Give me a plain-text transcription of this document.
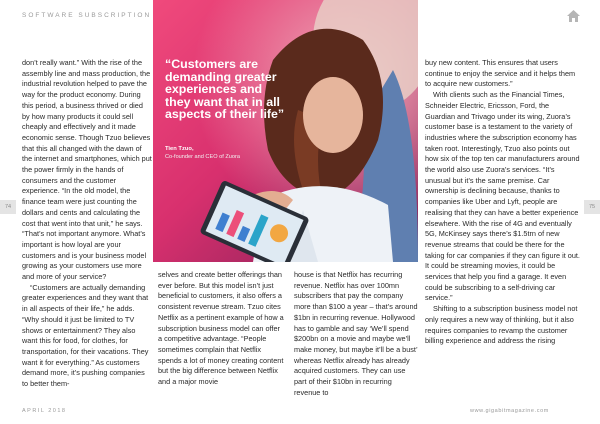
SOFTWARE SUBSCRIPTION
74	75

don’t really want.” With the rise of the assembly line and mass production, the industrial revolution helped to pave the way for the product economy. During this period, a business thrived or died by how many products it could sell cheaply and effectively and it made economic sense. Though Tzuo believes that this all changed with the dawn of the internet and smartphones, which put the power firmly in the hands of consumers and the customer experience. “In the old model, the finance team were just counting the dollars and cents and calculating the cost that went into that unit,” he says. “That’s not important anymore. What’s important is how loyal are your customers and is your business model growing as your customers use more and more of your service?

“Customers are actually demanding greater experiences and they want that in all aspects of their life,” he adds. “Why should it just be limited to TV shows or entertainment? They also want this for food, for clothes, for transportation, for their vacations. They want it for everything.” As customers demand more, it’s pushing companies to better them-

“Customers are demanding greater experiences and they want that in all aspects of their life”
Tien Tzuo,
Co-founder and CEO of Zuora

selves and create better offerings than ever before. But this model isn’t just beneficial to customers, it also offers a consistent revenue stream. Tzuo cites Netflix as a pertinent example of how a subscription business model can offer a competitive advantage. “People sometimes complain that Netflix spends a lot of money creating content but the big difference between Netflix and a major movie

house is that Netflix has recurring revenue. Netflix has over 100mn subscribers that pay the company more than $100 a year – that’s around $1bn in recurring revenue. Hollywood has to gamble and say ‘We’ll spend $200bn on a movie and maybe we’ll make money, but maybe it’ll be a bust’ whereas Netflix already has already acquired customers. They can use part of their $10bn in recurring revenue to

buy new content. This ensures that users continue to enjoy the service and it helps them to acquire new customers.”

With clients such as the Financial Times, Schneider Electric, Ericsson, Ford, the Guardian and Trivago under its wing, Zuora’s customer base is a testament to the variety of industries where the subscription economy has taken root. Interestingly, Tzuo also points out how six of the top ten car manufacturers around the world also use Zuora’s services. “It’s unusual but it’s the same premise. Car ownership is declining because, thanks to companies like Uber and Lyft, people are realising that they can have a better experience elsewhere. With the rise of 4G and eventually 5G, McKinsey says there’s $1.5trn of new revenue streams that could be there for the taking for car companies if they can figure it out. It could be streaming movies, it could be services that help you find a garage. It even could be subscribing to a self-driving car service.”

Shifting to a subscription business model not only requires a new way of thinking, but it also requires companies to revamp the customer billing experience and address the rising

APRIL 2018	www.gigabitmagazine.com
